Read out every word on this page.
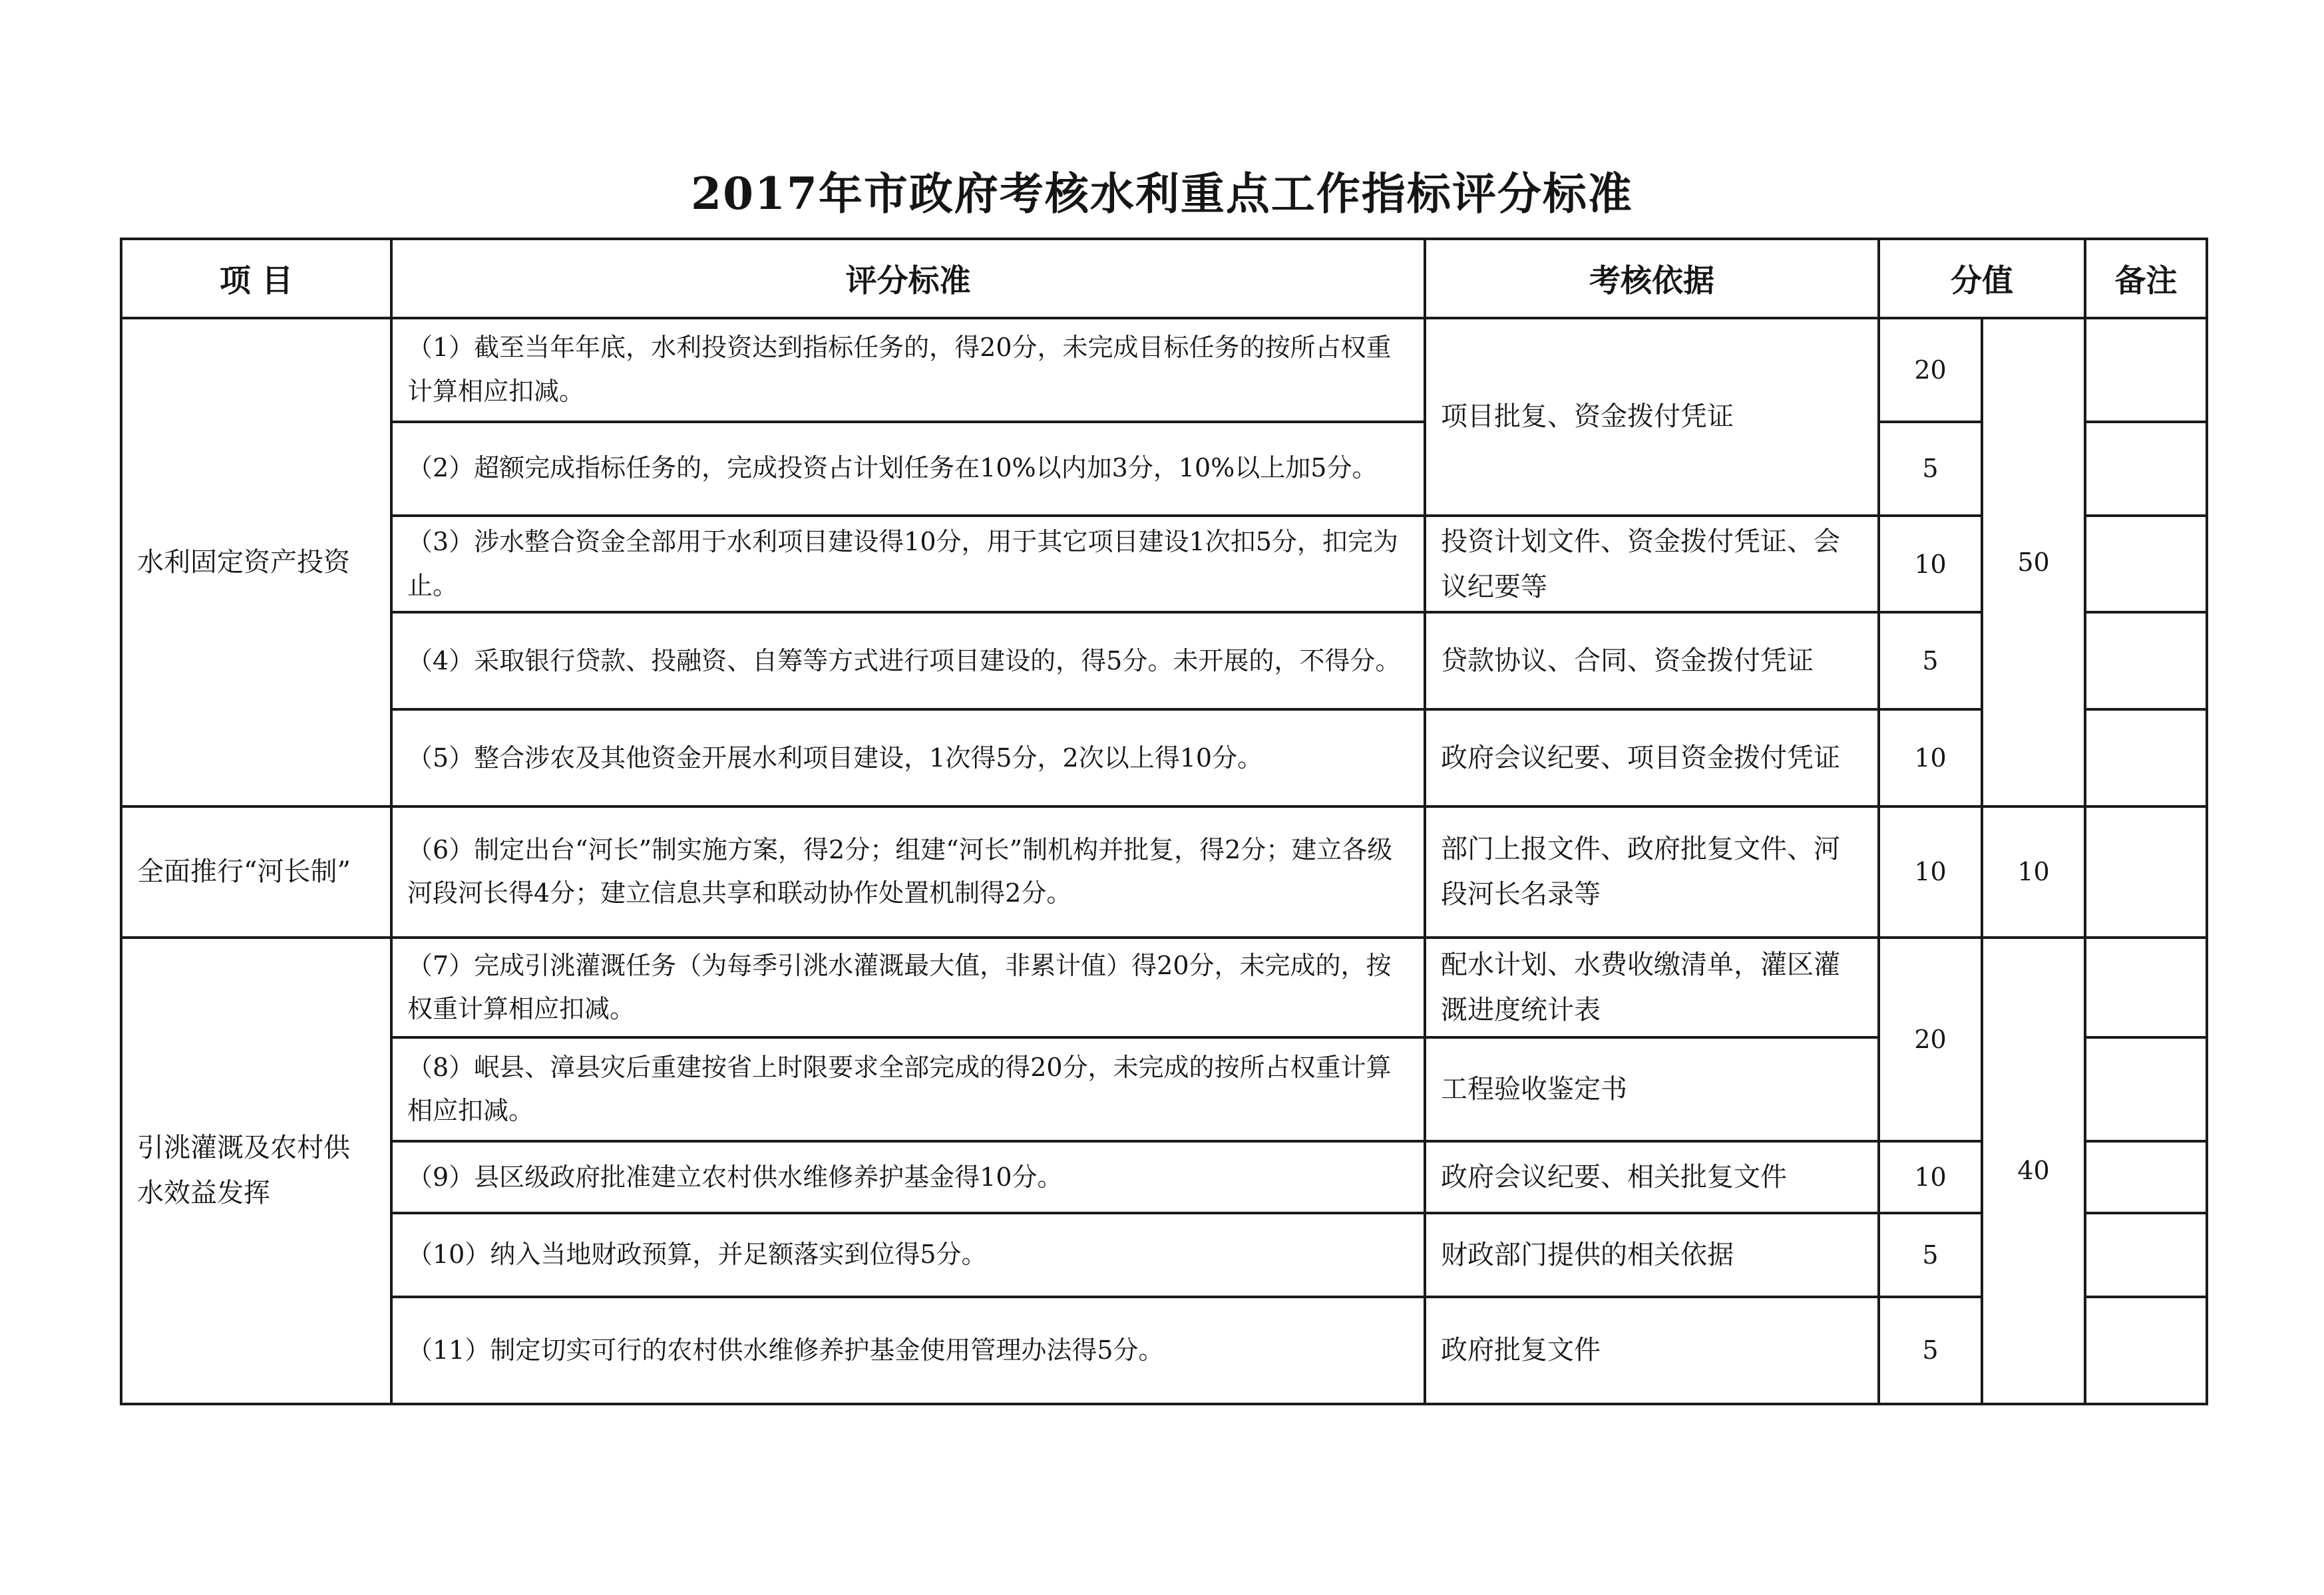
2017年市政府考核水利重点工作指标评分标准
项 目	评分标准	考核依据	分值		备注
水利固定资产投资	（1）截至当年年底，水利投资达到指标任务的，得20分，未完成目标任务的按所占权重计算相应扣减。	项目批复、资金拨付凭证	20	50	
	（2）超额完成指标任务的，完成投资占计划任务在10%以内加3分，10%以上加5分。		5		
	（3）涉水整合资金全部用于水利项目建设得10分，用于其它项目建设1次扣5分，扣完为止。	投资计划文件、资金拨付凭证、会议纪要等	10		
	（4）采取银行贷款、投融资、自筹等方式进行项目建设的，得5分。未开展的，不得分。	贷款协议、合同、资金拨付凭证	5		
	（5）整合涉农及其他资金开展水利项目建设，1次得5分，2次以上得10分。	政府会议纪要、项目资金拨付凭证	10		
全面推行“河长制”	（6）制定出台“河长”制实施方案，得2分；组建“河长”制机构并批复，得2分；建立各级河段河长得4分；建立信息共享和联动协作处置机制得2分。	部门上报文件、政府批复文件、河段河长名录等	10	10	
引洮灌溉及农村供水效益发挥	（7）完成引洮灌溉任务（为每季引洮水灌溉最大值，非累计值）得20分，未完成的，按权重计算相应扣减。	配水计划、水费收缴清单，灌区灌溉进度统计表	20	40	
	（8）岷县、漳县灾后重建按省上时限要求全部完成的得20分，未完成的按所占权重计算相应扣减。	工程验收鉴定书			
	（9）县区级政府批准建立农村供水维修养护基金得10分。	政府会议纪要、相关批复文件	10		
	（10）纳入当地财政预算，并足额落实到位得5分。	财政部门提供的相关依据	5		
	（11）制定切实可行的农村供水维修养护基金使用管理办法得5分。	政府批复文件	5		
